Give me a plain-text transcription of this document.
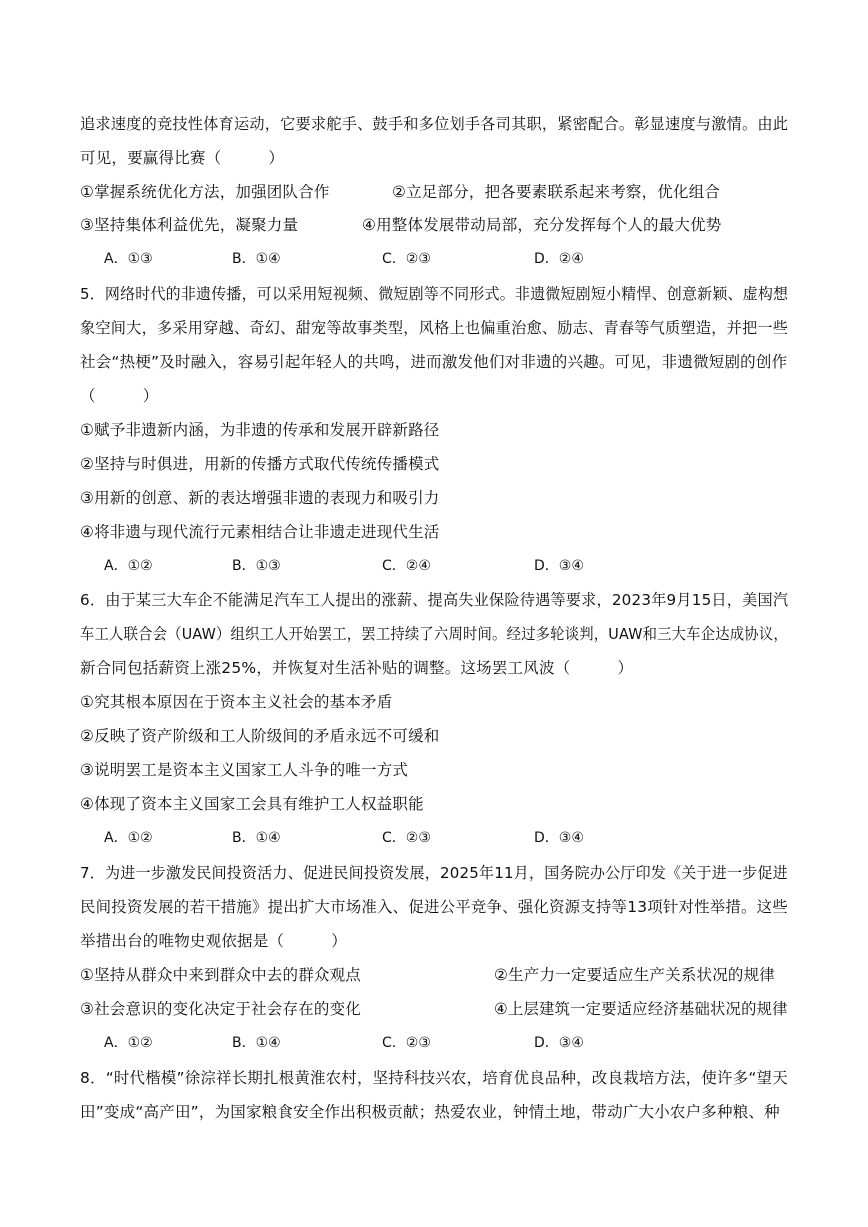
追求速度的竞技性体育运动，它要求舵手、鼓手和多位划手各司其职，紧密配合。彰显速度与激情。由此
可见，要赢得比赛（　　　）
①掌握系统优化方法，加强团队合作	②立足部分，把各要素联系起来考察，优化组合
③坚持集体利益优先，凝聚力量	④用整体发展带动局部，充分发挥每个人的最大优势
A．①③	B．①④	C．②③	D．②④
5．网络时代的非遗传播，可以采用短视频、微短剧等不同形式。非遗微短剧短小精悍、创意新颖、虚构想
象空间大，多采用穿越、奇幻、甜宠等故事类型，风格上也偏重治愈、励志、青春等气质塑造，并把一些
社会“热梗”及时融入，容易引起年轻人的共鸣，进而激发他们对非遗的兴趣。可见，非遗微短剧的创作
（　　　）
①赋予非遗新内涵，为非遗的传承和发展开辟新路径
②坚持与时俱进，用新的传播方式取代传统传播模式
③用新的创意、新的表达增强非遗的表现力和吸引力
④将非遗与现代流行元素相结合让非遗走进现代生活
A．①②	B．①③	C．②④	D．③④
6．由于某三大车企不能满足汽车工人提出的涨薪、提高失业保险待遇等要求，2023年9月15日，美国汽
车工人联合会（UAW）组织工人开始罢工，罢工持续了六周时间。经过多轮谈判，UAW和三大车企达成协议，
新合同包括薪资上涨25%，并恢复对生活补贴的调整。这场罢工风波（　　　）
①究其根本原因在于资本主义社会的基本矛盾
②反映了资产阶级和工人阶级间的矛盾永远不可缓和
③说明罢工是资本主义国家工人斗争的唯一方式
④体现了资本主义国家工会具有维护工人权益职能
A．①②	B．①④	C．②③	D．③④
7．为进一步激发民间投资活力、促进民间投资发展，2025年11月，国务院办公厅印发《关于进一步促进
民间投资发展的若干措施》提出扩大市场准入、促进公平竞争、强化资源支持等13项针对性举措。这些
举措出台的唯物史观依据是（　　　）
①坚持从群众中来到群众中去的群众观点	②生产力一定要适应生产关系状况的规律
③社会意识的变化决定于社会存在的变化	④上层建筑一定要适应经济基础状况的规律
A．①②	B．①④	C．②③	D．③④
8．“时代楷模”徐淙祥长期扎根黄淮农村，坚持科技兴农，培育优良品种，改良栽培方法，使许多“望天
田”变成“高产田”，为国家粮食安全作出积极贡献；热爱农业，钟情土地，带动广大小农户多种粮、种
